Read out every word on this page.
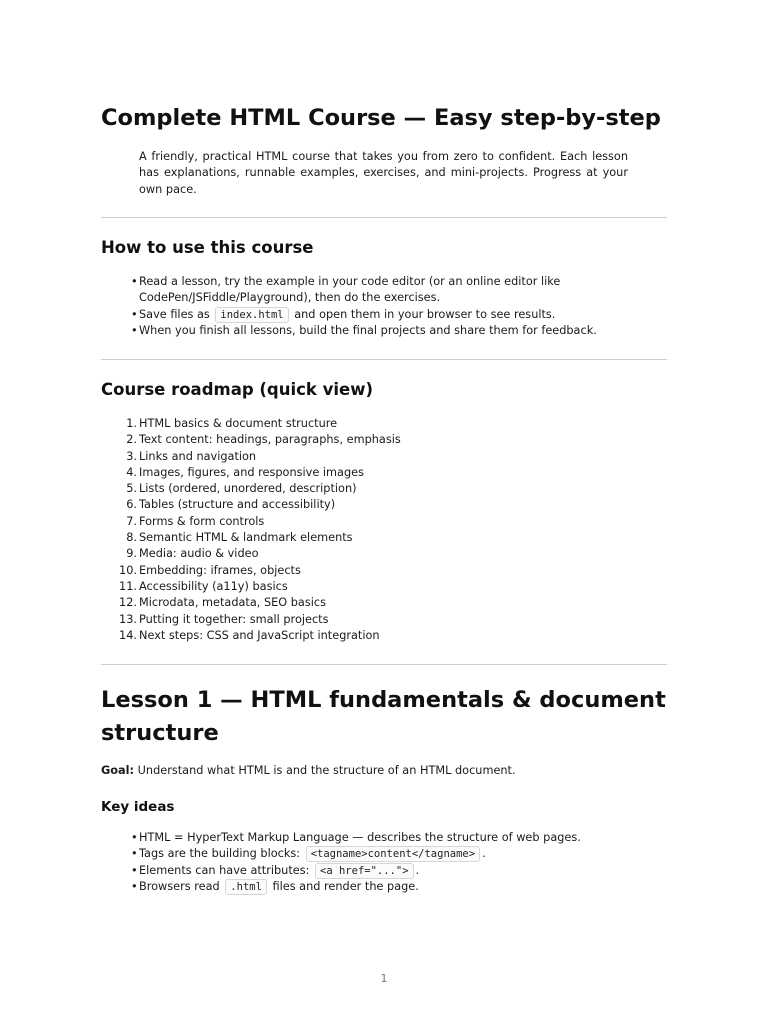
Complete HTML Course — Easy step-by-step

A friendly, practical HTML course that takes you from zero to confident. Each lesson has explanations, runnable examples, exercises, and mini-projects. Progress at your own pace.

How to use this course
• Read a lesson, try the example in your code editor (or an online editor like CodePen/JSFiddle/Playground), then do the exercises.
• Save files as index.html and open them in your browser to see results.
• When you finish all lessons, build the final projects and share them for feedback.
Course roadmap (quick view)
1. HTML basics & document structure
2. Text content: headings, paragraphs, emphasis
3. Links and navigation
4. Images, figures, and responsive images
5. Lists (ordered, unordered, description)
6. Tables (structure and accessibility)
7. Forms & form controls
8. Semantic HTML & landmark elements
9. Media: audio & video
10. Embedding: iframes, objects
11. Accessibility (a11y) basics
12. Microdata, metadata, SEO basics
13. Putting it together: small projects
14. Next steps: CSS and JavaScript integration
Lesson 1 — HTML fundamentals & document structure

Goal: Understand what HTML is and the structure of an HTML document.

Key ideas
• HTML = HyperText Markup Language — describes the structure of web pages.
• Tags are the building blocks: <tagname>content</tagname> .
• Elements can have attributes: <a href="..."> .
• Browsers read .html files and render the page.
1
